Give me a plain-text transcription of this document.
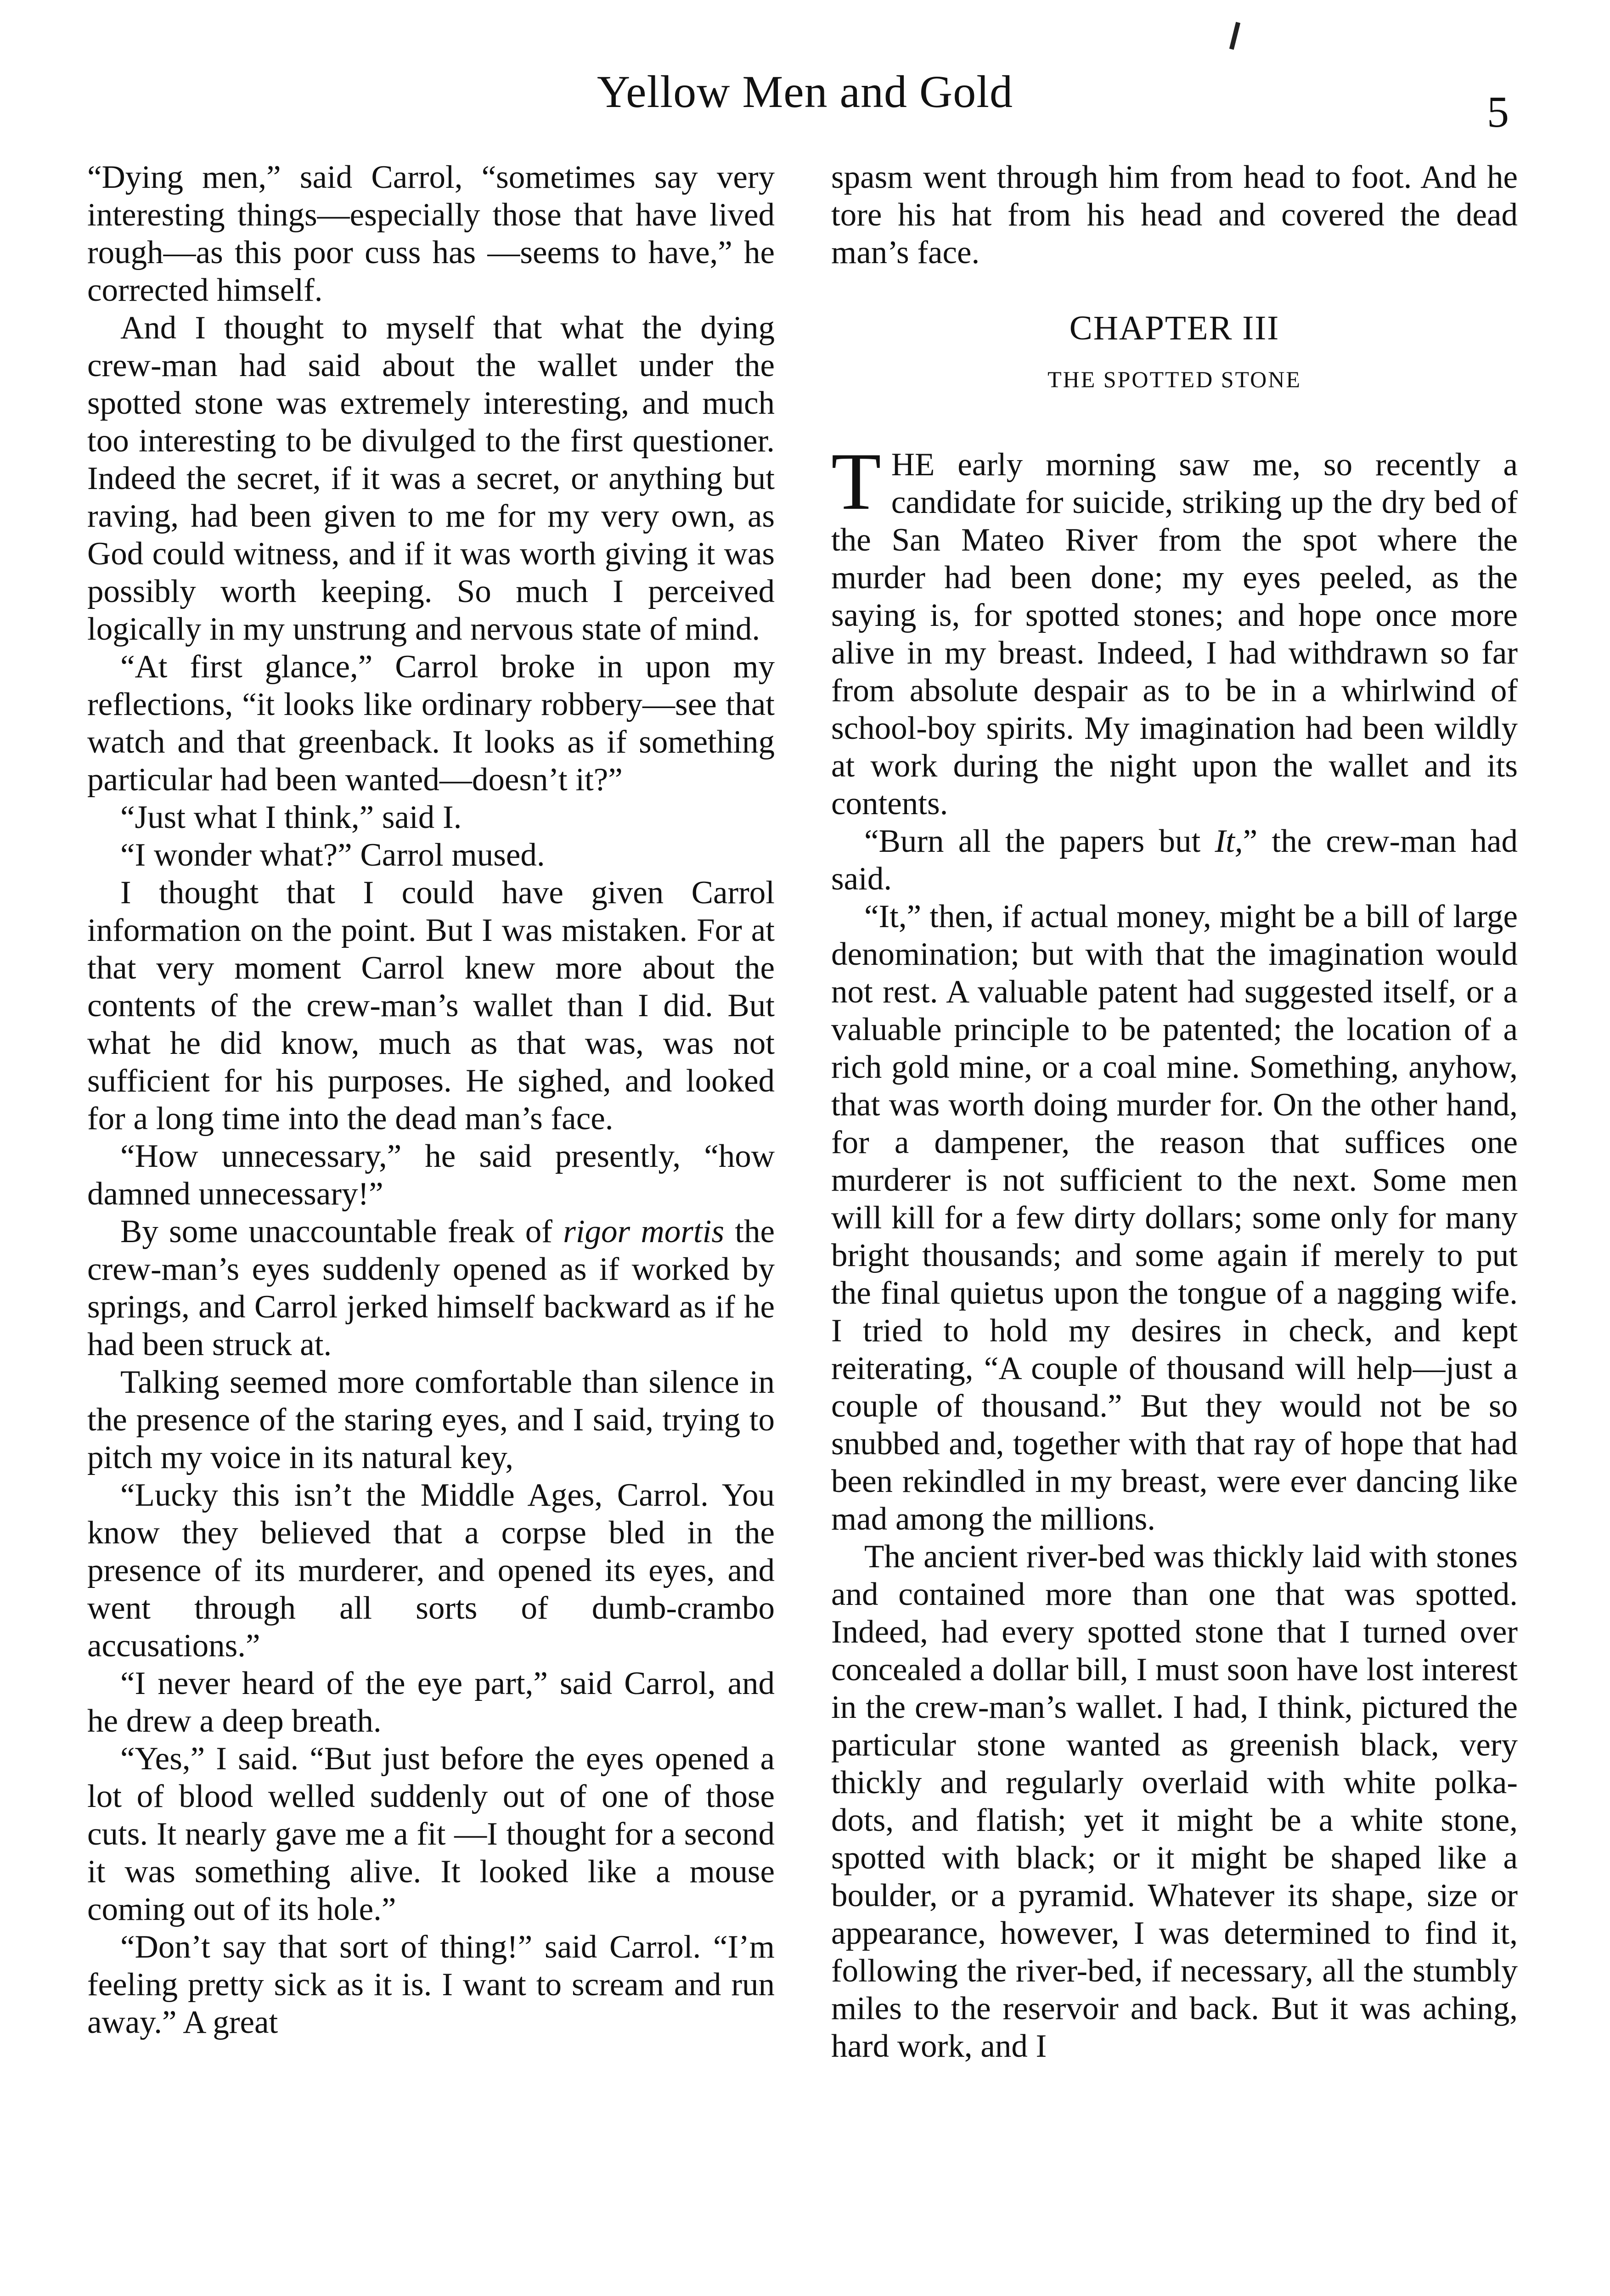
Yellow Men and Gold	5

“Dying men,” said Carrol, “sometimes say very interesting things—especially those that have lived rough—as this poor cuss has —seems to have,” he corrected himself.

And I thought to myself that what the dying crew-man had said about the wallet under the spotted stone was extremely interesting, and much too interesting to be divulged to the first questioner. Indeed the secret, if it was a secret, or anything but raving, had been given to me for my very own, as God could witness, and if it was worth giving it was possibly worth keeping. So much I perceived logically in my unstrung and nervous state of mind.

“At first glance,” Carrol broke in upon my reflections, “it looks like ordinary robbery—see that watch and that greenback. It looks as if something particular had been wanted—doesn’t it?”

“Just what I think,” said I.

“I wonder what?” Carrol mused.

I thought that I could have given Carrol information on the point. But I was mistaken. For at that very moment Carrol knew more about the contents of the crew-man’s wallet than I did. But what he did know, much as that was, was not sufficient for his purposes. He sighed, and looked for a long time into the dead man’s face.

“How unnecessary,” he said presently, “how damned unnecessary!”

By some unaccountable freak of rigor mortis the crew-man’s eyes suddenly opened as if worked by springs, and Carrol jerked himself backward as if he had been struck at.

Talking seemed more comfortable than silence in the presence of the staring eyes, and I said, trying to pitch my voice in its natural key,

“Lucky this isn’t the Middle Ages, Carrol. You know they believed that a corpse bled in the presence of its murderer, and opened its eyes, and went through all sorts of dumb-crambo accusations.”

“I never heard of the eye part,” said Carrol, and he drew a deep breath.

“Yes,” I said. “But just before the eyes opened a lot of blood welled suddenly out of one of those cuts. It nearly gave me a fit —I thought for a second it was something alive. It looked like a mouse coming out of its hole.”

“Don’t say that sort of thing!” said Carrol. “I’m feeling pretty sick as it is. I want to scream and run away.” A great

spasm went through him from head to foot. And he tore his hat from his head and covered the dead man’s face.

CHAPTER III
THE SPOTTED STONE

THE early morning saw me, so recently a candidate for suicide, striking up the dry bed of the San Mateo River from the spot where the murder had been done; my eyes peeled, as the saying is, for spotted stones; and hope once more alive in my breast. Indeed, I had withdrawn so far from absolute despair as to be in a whirlwind of school-boy spirits. My imagination had been wildly at work during the night upon the wallet and its contents.

“Burn all the papers but It,” the crew-man had said.

“It,” then, if actual money, might be a bill of large denomination; but with that the imagination would not rest. A valuable patent had suggested itself, or a valuable principle to be patented; the location of a rich gold mine, or a coal mine. Something, anyhow, that was worth doing murder for. On the other hand, for a dampener, the reason that suffices one murderer is not sufficient to the next. Some men will kill for a few dirty dollars; some only for many bright thousands; and some again if merely to put the final quietus upon the tongue of a nagging wife. I tried to hold my desires in check, and kept reiterating, “A couple of thousand will help—just a couple of thousand.” But they would not be so snubbed and, together with that ray of hope that had been rekindled in my breast, were ever dancing like mad among the millions.

The ancient river-bed was thickly laid with stones and contained more than one that was spotted. Indeed, had every spotted stone that I turned over concealed a dollar bill, I must soon have lost interest in the crew-man’s wallet. I had, I think, pictured the particular stone wanted as greenish black, very thickly and regularly overlaid with white polka-dots, and flatish; yet it might be a white stone, spotted with black; or it might be shaped like a boulder, or a pyramid. Whatever its shape, size or appearance, however, I was determined to find it, following the river-bed, if necessary, all the stumbly miles to the reservoir and back. But it was aching, hard work, and I
